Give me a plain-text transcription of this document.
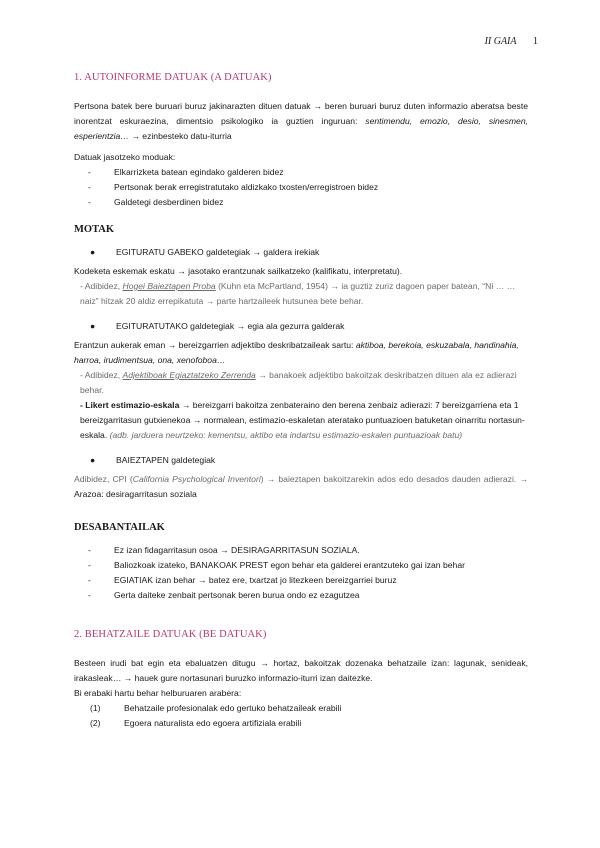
II GAIA 1
1. AUTOINFORME DATUAK (A DATUAK)

Pertsona batek bere buruari buruz jakinarazten dituen datuak → beren buruari buruz duten informazio aberatsa beste inorentzat eskuraezina, dimentsio psikologiko ia guztien inguruan: sentimendu, emozio, desio, sinesmen, esperientzia… → ezinbesteko datu-iturria

Datuak jasotzeko moduak:

-	Elkarrizketa batean egindako galderen bidez
-	Pertsonak berak erregistratutako aldizkako txosten/erregistroen bidez
-	Galdetegi desberdinen bidez
MOTAK
● EGITURATU GABEKO galdetegiak → galdera irekiak

Kodeketa eskemak eskatu → jasotako erantzunak sailkatzeko (kalifikatu, interpretatu).

- Adibidez, Hogei Baieztapen Proba (Kuhn eta McPartland, 1954) → ia guztiz zuriz dagoen paper batean, “Ni … … naiz” hitzak 20 aldiz errepikatuta → parte hartzaileek hutsunea bete behar.

● EGITURATUTAKO galdetegiak → egia ala gezurra galderak

Erantzun aukerak eman → bereizgarrien adjektibo deskribatzaileak sartu: aktiboa, berekoia, eskuzabala, handinahia, harroa, irudimentsua, ona, xenofoboa…

- Adibidez, Adjektiboak Egiaztatzeko Zerrenda → banakoek adjektibo bakoitzak deskribatzen dituen ala ez adierazi behar.

- Likert estimazio-eskala → bereizgarri bakoitza zenbateraino den berena zenbaiz adierazi: 7 bereizgarriena eta 1 bereizgarritasun gutxienekoa → normalean, estimazio-eskaletan ateratako puntuazioen batuketan oinarritu nortasun-eskala. (adb. jarduera neurtzeko: kementsu, aktibo eta indartsu estimazio-eskalen puntuazioak batu)

● BAIEZTAPEN galdetegiak

Adibidez, CPI (California Psychological Inventori) → baieztapen bakoitzarekin ados edo desados dauden adierazi. → Arazoa: desiragarritasun soziala

DESABANTAILAK
-	Ez izan fidagarritasun osoa → DESIRAGARRITASUN SOZIALA.
-	Baliozkoak izateko, BANAKOAK PREST egon behar eta galderei erantzuteko gai izan behar
-	EGIATIAK izan behar → batez ere, txartzat jo litezkeen bereizgarriei buruz
-	Gerta daiteke zenbait pertsonak beren burua ondo ez ezagutzea
2. BEHATZAILE DATUAK (BE DATUAK)

Besteen irudi bat egin eta ebaluatzen ditugu → hortaz, bakoitzak dozenaka behatzaile izan: lagunak, senideak, irakasleak… → hauek gure nortasunari buruzko informazio-iturri izan daitezke.

Bi erabaki hartu behar helburuaren arabera:

(1)	Behatzaile profesionalak edo gertuko behatzaileak erabili
(2)	Egoera naturalista edo egoera artifiziala erabili
